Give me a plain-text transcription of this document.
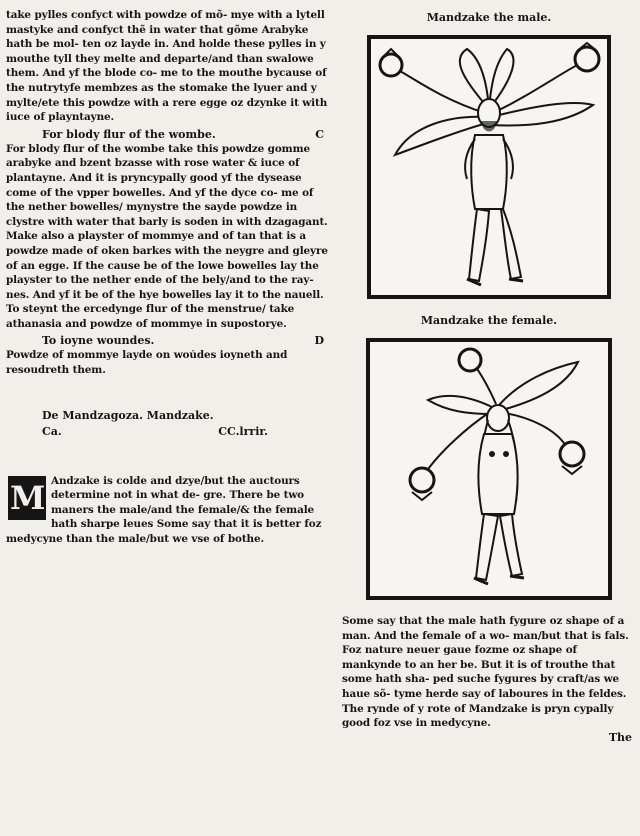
take pylles confyct with powdze of mõ- mye with a lytell mastyke and confyct thẽ in water that gõme Arabyke hath be mol- ten oz layde in. And holde these pylles in y mouthe tyll they melte and departe/and than swalowe them. And yf the blode co- me to the mouthe bycause of the nutrytyfe membzes as the stomake the lyuer and y mylte/ete this powdze with a rere egge oz dzynke it with iuce of playntayne.

For blody flur of the wombe.	C

For blody flur of the wombe take this powdze gomme arabyke and bzent bzasse with rose water & iuce of plantayne. And it is pryncypally good yf the dysease come of the vpper bowelles. And yf the dyce co- me of the nether bowelles/ mynystre the sayde powdze in clystre with water that barly is soden in with dzagagant. Make also a playster of mommye and of tan that is a powdze made of oken barkes with the neygre and gleyre of an egge. If the cause be of the lowe bowelles lay the playster to the nether ende of the bely/and to the ray- nes. And yf it be of the hye bowelles lay it to the nauell.

To steynt the ercedynge flur of the menstrue/ take athanasia and powdze of mommye in supostorye.

To ioyne woundes.	D

Powdze of mommye layde on wou̇des ioyneth and resoudreth them.

De Mandzagoza. Mandzake.
Ca.	CC.lrrir.
M Andzake is colde and dzye/but the auctours determine not in what de- gre. There be two maners the male/and the female/& the female hath sharpe leues Some say that it is better foz medycyne than the male/but we vse of bothe.

Mandzake the male.
Mandzake the female.

Some say that the male hath fygure oz shape of a man. And the female of a wo- man/but that is fals. Foz nature neuer gaue fozme oz shape of mankynde to an her be. But it is of trouthe that some hath sha- ped suche fygures by craft/as we haue sõ- tyme herde say of laboures in the feldes. The rynde of y rote of Mandzake is pryn cypally good foz vse in medycyne.

The
